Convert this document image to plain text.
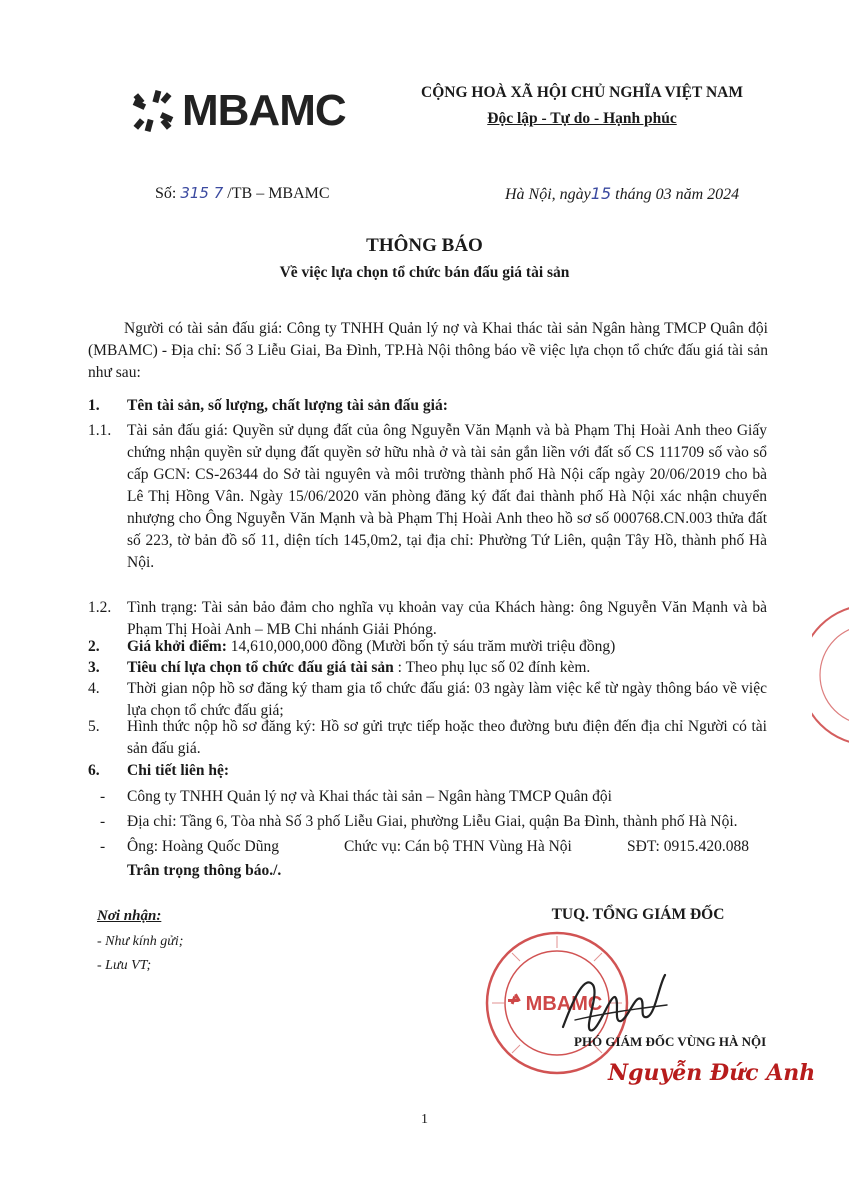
MBAMC	CỘNG HOÀ XÃ HỘI CHỦ NGHĨA VIỆT NAM
Độc lập - Tự do - Hạnh phúc
Số: 315 7 /TB – MBAMC	Hà Nội, ngày15 tháng 03 năm 2024
THÔNG BÁO
Về việc lựa chọn tổ chức bán đấu giá tài sản
Người có tài sản đấu giá: Công ty TNHH Quản lý nợ và Khai thác tài sản Ngân hàng TMCP Quân đội (MBAMC) - Địa chỉ: Số 3 Liễu Giai, Ba Đình, TP.Hà Nội thông báo về việc lựa chọn tổ chức đấu giá tài sản như sau:
1. Tên tài sản, số lượng, chất lượng tài sản đấu giá:
1.1. Tài sản đấu giá: Quyền sử dụng đất của ông Nguyễn Văn Mạnh và bà Phạm Thị Hoài Anh theo Giấy chứng nhận quyền sử dụng đất quyền sở hữu nhà ở và tài sản gắn liền với đất số CS 111709 số vào sổ cấp GCN: CS-26344 do Sở tài nguyên và môi trường thành phố Hà Nội cấp ngày 20/06/2019 cho bà Lê Thị Hồng Vân. Ngày 15/06/2020 văn phòng đăng ký đất đai thành phố Hà Nội xác nhận chuyển nhượng cho Ông Nguyễn Văn Mạnh và bà Phạm Thị Hoài Anh theo hồ sơ số 000768.CN.003 thửa đất số 223, tờ bản đồ số 11, diện tích 145,0m2, tại địa chỉ: Phường Tứ Liên, quận Tây Hồ, thành phố Hà Nội.
1.2. Tình trạng: Tài sản bảo đảm cho nghĩa vụ khoản vay của Khách hàng: ông Nguyễn Văn Mạnh và bà Phạm Thị Hoài Anh – MB Chi nhánh Giải Phóng.
2. Giá khởi điểm: 14,610,000,000 đồng (Mười bốn tỷ sáu trăm mười triệu đồng)
3. Tiêu chí lựa chọn tổ chức đấu giá tài sản : Theo phụ lục số 02 đính kèm.
4. Thời gian nộp hồ sơ đăng ký tham gia tổ chức đấu giá: 03 ngày làm việc kể từ ngày thông báo về việc lựa chọn tổ chức đấu giá;
5. Hình thức nộp hồ sơ đăng ký: Hồ sơ gửi trực tiếp hoặc theo đường bưu điện đến địa chỉ Người có tài sản đấu giá.
6. Chi tiết liên hệ:
- Công ty TNHH Quản lý nợ và Khai thác tài sản – Ngân hàng TMCP Quân đội
- Địa chỉ: Tầng 6, Tòa nhà Số 3 phố Liễu Giai, phường Liễu Giai, quận Ba Đình, thành phố Hà Nội.
- Ông: Hoàng Quốc Dũng	Chức vụ: Cán bộ THN Vùng Hà Nội	SĐT: 0915.420.088
Trân trọng thông báo./.
Nơi nhận:
- Như kính gửi;
- Lưu VT;
TUQ. TỔNG GIÁM ĐỐC
MBAMC
PHÓ GIÁM ĐỐC VÙNG HÀ NỘI
Nguyễn Đức Anh
1
